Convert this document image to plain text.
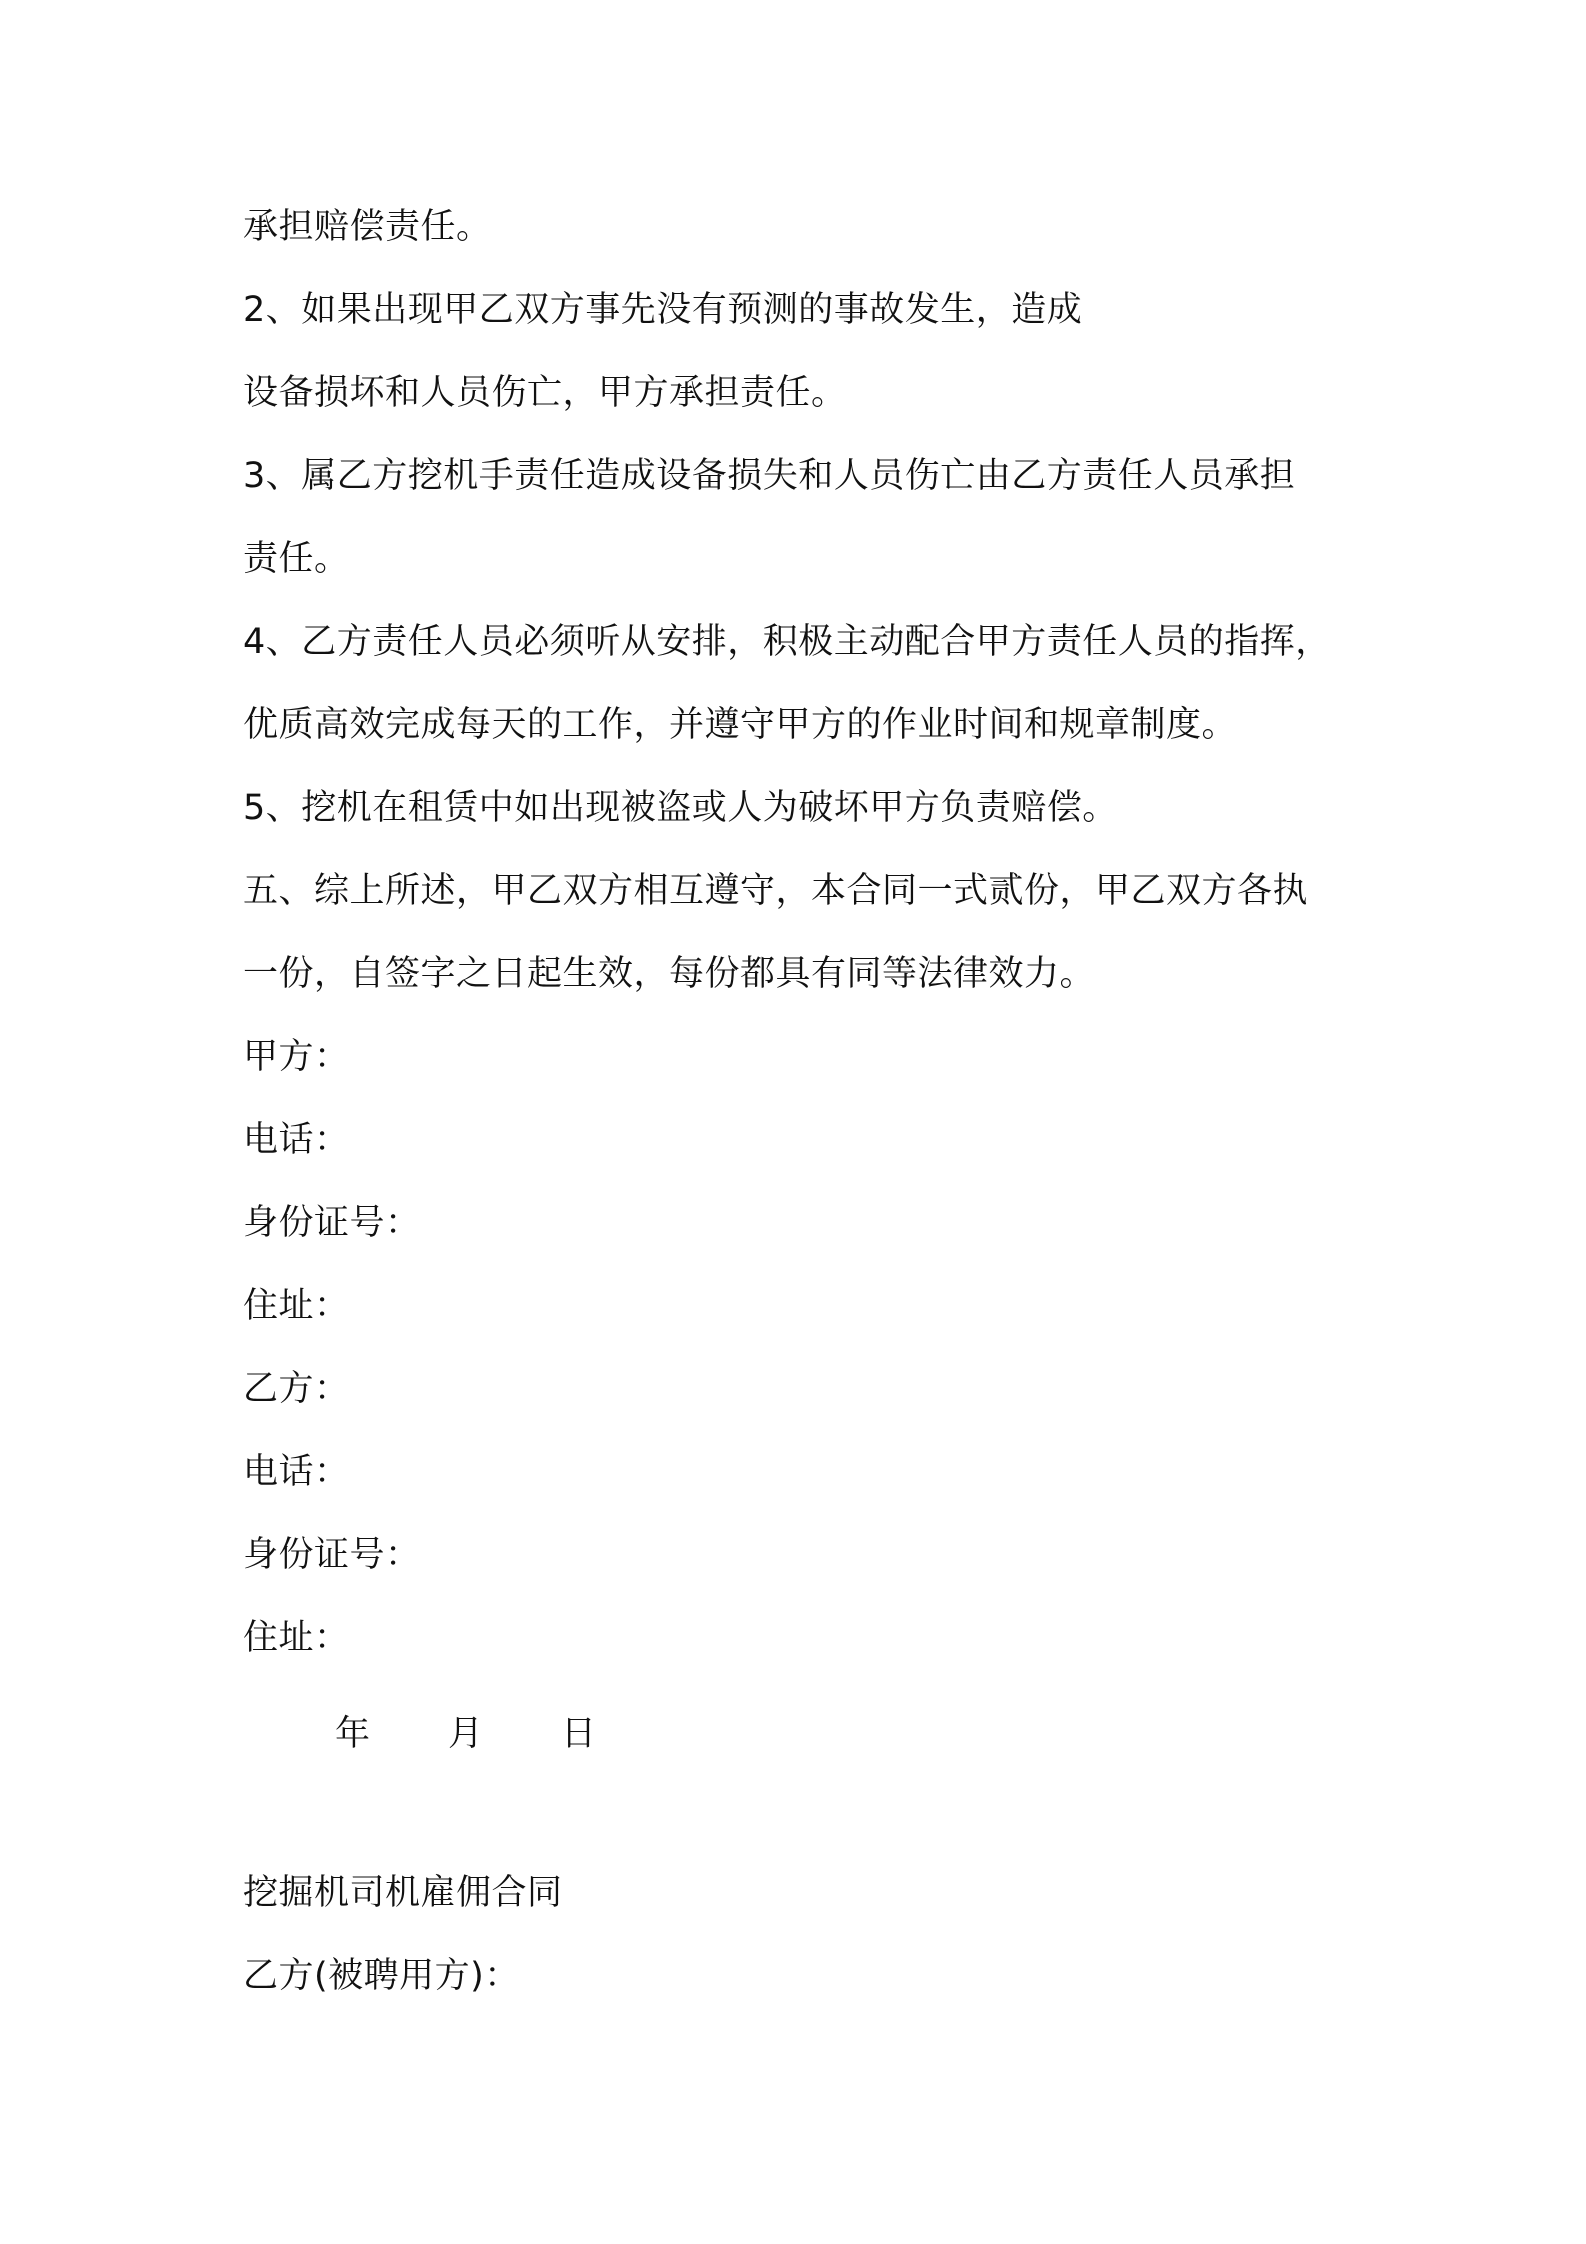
承担赔偿责任。
2、如果出现甲乙双方事先没有预测的事故发生，造成
设备损坏和人员伤亡，甲方承担责任。
3、属乙方挖机手责任造成设备损失和人员伤亡由乙方责任人员承担
责任。
4、乙方责任人员必须听从安排，积极主动配合甲方责任人员的指挥，
优质高效完成每天的工作，并遵守甲方的作业时间和规章制度。
5、挖机在租赁中如出现被盗或人为破坏甲方负责赔偿。
五、综上所述，甲乙双方相互遵守，本合同一式贰份，甲乙双方各执
一份，自签字之日起生效，每份都具有同等法律效力。
甲方：
电话：
身份证号：
住址：
乙方：
电话：
身份证号：
住址：
年 月 日
挖掘机司机雇佣合同
乙方(被聘用方)：
